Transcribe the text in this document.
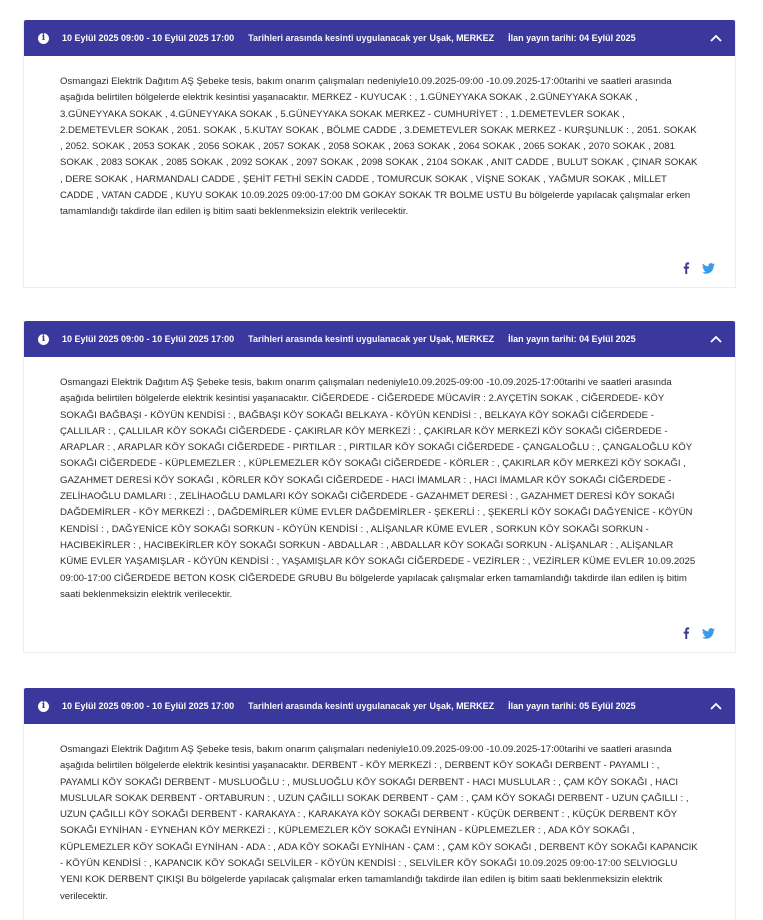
i	10 Eylül 2025 09:00 - 10 Eylül 2025 17:00 Tarihleri arasında kesinti uygulanacak yer Uşak, MERKEZ İlan yayın tarihi: 04 Eylül 2025
Osmangazi Elektrik Dağıtım AŞ Şebeke tesis, bakım onarım çalışmaları nedeniyle10.09.2025-09:00 -10.09.2025-17:00tarihi ve saatleri arasında aşağıda belirtilen bölgelerde elektrik kesintisi yaşanacaktır. MERKEZ - KUYUCAK : , 1.GÜNEYYAKA SOKAK , 2.GÜNEYYAKA SOKAK , 3.GÜNEYYAKA SOKAK , 4.GÜNEYYAKA SOKAK , 5.GÜNEYYAKA SOKAK MERKEZ - CUMHURİYET : , 1.DEMETEVLER SOKAK , 2.DEMETEVLER SOKAK , 2051. SOKAK , 5.KUTAY SOKAK , BÖLME CADDE , 3.DEMETEVLER SOKAK MERKEZ - KURŞUNLUK : , 2051. SOKAK , 2052. SOKAK , 2053 SOKAK , 2056 SOKAK , 2057 SOKAK , 2058 SOKAK , 2063 SOKAK , 2064 SOKAK , 2065 SOKAK , 2070 SOKAK , 2081 SOKAK , 2083 SOKAK , 2085 SOKAK , 2092 SOKAK , 2097 SOKAK , 2098 SOKAK , 2104 SOKAK , ANIT CADDE , BULUT SOKAK , ÇINAR SOKAK , DERE SOKAK , HARMANDALI CADDE , ŞEHİT FETHİ SEKİN CADDE , TOMURCUK SOKAK , VİŞNE SOKAK , YAĞMUR SOKAK , MİLLET CADDE , VATAN CADDE , KUYU SOKAK 10.09.2025 09:00-17:00 DM GOKAY SOKAK TR BOLME USTU Bu bölgelerde yapılacak çalışmalar erken tamamlandığı takdirde ilan edilen iş bitim saati beklenmeksizin elektrik verilecektir.
i	10 Eylül 2025 09:00 - 10 Eylül 2025 17:00 Tarihleri arasında kesinti uygulanacak yer Uşak, MERKEZ İlan yayın tarihi: 04 Eylül 2025
Osmangazi Elektrik Dağıtım AŞ Şebeke tesis, bakım onarım çalışmaları nedeniyle10.09.2025-09:00 -10.09.2025-17:00tarihi ve saatleri arasında aşağıda belirtilen bölgelerde elektrik kesintisi yaşanacaktır. CİĞERDEDE - CİĞERDEDE MÜCAVİR : 2.AYÇETİN SOKAK , CİĞERDEDE- KÖY SOKAĞI BAĞBAŞI - KÖYÜN KENDİSİ : , BAĞBAŞI KÖY SOKAĞI BELKAYA - KÖYÜN KENDİSİ : , BELKAYA KÖY SOKAĞI CİĞERDEDE - ÇALLILAR : , ÇALLILAR KÖY SOKAĞI CİĞERDEDE - ÇAKIRLAR KÖY MERKEZİ : , ÇAKIRLAR KÖY MERKEZİ KÖY SOKAĞI CİĞERDEDE - ARAPLAR : , ARAPLAR KÖY SOKAĞI CİĞERDEDE - PIRTILAR : , PIRTILAR KÖY SOKAĞI CİĞERDEDE - ÇANGALOĞLU : , ÇANGALOĞLU KÖY SOKAĞI CİĞERDEDE - KÜPLEMEZLER : , KÜPLEMEZLER KÖY SOKAĞI CİĞERDEDE - KÖRLER : , ÇAKIRLAR KÖY MERKEZİ KÖY SOKAĞI , GAZAHMET DERESİ KÖY SOKAĞI , KÖRLER KÖY SOKAĞI CİĞERDEDE - HACI İMAMLAR : , HACI İMAMLAR KÖY SOKAĞI CİĞERDEDE - ZELİHAOĞLU DAMLARI : , ZELİHAOĞLU DAMLARI KÖY SOKAĞI CİĞERDEDE - GAZAHMET DERESİ : , GAZAHMET DERESİ KÖY SOKAĞI DAĞDEMİRLER - KÖY MERKEZİ : , DAĞDEMİRLER KÜME EVLER DAĞDEMİRLER - ŞEKERLİ : , ŞEKERLİ KÖY SOKAĞI DAĞYENİCE - KÖYÜN KENDİSİ : , DAĞYENİCE KÖY SOKAĞI SORKUN - KÖYÜN KENDİSİ : , ALİŞANLAR KÜME EVLER , SORKUN KÖY SOKAĞI SORKUN - HACIBEKİRLER : , HACIBEKİRLER KÖY SOKAĞI SORKUN - ABDALLAR : , ABDALLAR KÖY SOKAĞI SORKUN - ALİŞANLAR : , ALİŞANLAR KÜME EVLER YAŞAMIŞLAR - KÖYÜN KENDİSİ : , YAŞAMIŞLAR KÖY SOKAĞI CİĞERDEDE - VEZİRLER : , VEZİRLER KÜME EVLER 10.09.2025 09:00-17:00 CİĞERDEDE BETON KOSK CİĞERDEDE GRUBU Bu bölgelerde yapılacak çalışmalar erken tamamlandığı takdirde ilan edilen iş bitim saati beklenmeksizin elektrik verilecektir.
i	10 Eylül 2025 09:00 - 10 Eylül 2025 17:00 Tarihleri arasında kesinti uygulanacak yer Uşak, MERKEZ İlan yayın tarihi: 05 Eylül 2025
Osmangazi Elektrik Dağıtım AŞ Şebeke tesis, bakım onarım çalışmaları nedeniyle10.09.2025-09:00 -10.09.2025-17:00tarihi ve saatleri arasında aşağıda belirtilen bölgelerde elektrik kesintisi yaşanacaktır. DERBENT - KÖY MERKEZİ : , DERBENT KÖY SOKAĞI DERBENT - PAYAMLI : , PAYAMLI KÖY SOKAĞI DERBENT - MUSLUOĞLU : , MUSLUOĞLU KÖY SOKAĞI DERBENT - HACI MUSLULAR : , ÇAM KÖY SOKAĞI , HACI MUSLULAR SOKAK DERBENT - ORTABURUN : , UZUN ÇAĞILLI SOKAK DERBENT - ÇAM : , ÇAM KÖY SOKAĞI DERBENT - UZUN ÇAĞILLI : , UZUN ÇAĞILLI KÖY SOKAĞI DERBENT - KARAKAYA : , KARAKAYA KÖY SOKAĞI DERBENT - KÜÇÜK DERBENT : , KÜÇÜK DERBENT KÖY SOKAĞI EYNİHAN - EYNEHAN KÖY MERKEZİ : , KÜPLEMEZLER KÖY SOKAĞI EYNİHAN - KÜPLEMEZLER : , ADA KÖY SOKAĞI , KÜPLEMEZLER KÖY SOKAĞI EYNİHAN - ADA : , ADA KÖY SOKAĞI EYNİHAN - ÇAM : , ÇAM KÖY SOKAĞI , DERBENT KÖY SOKAĞI KAPANCIK - KÖYÜN KENDİSİ : , KAPANCIK KÖY SOKAĞI SELVİLER - KÖYÜN KENDİSİ : , SELVİLER KÖY SOKAĞI 10.09.2025 09:00-17:00 SELVIOGLU YENI KOK DERBENT ÇIKIŞI Bu bölgelerde yapılacak çalışmalar erken tamamlandığı takdirde ilan edilen iş bitim saati beklenmeksizin elektrik verilecektir.
